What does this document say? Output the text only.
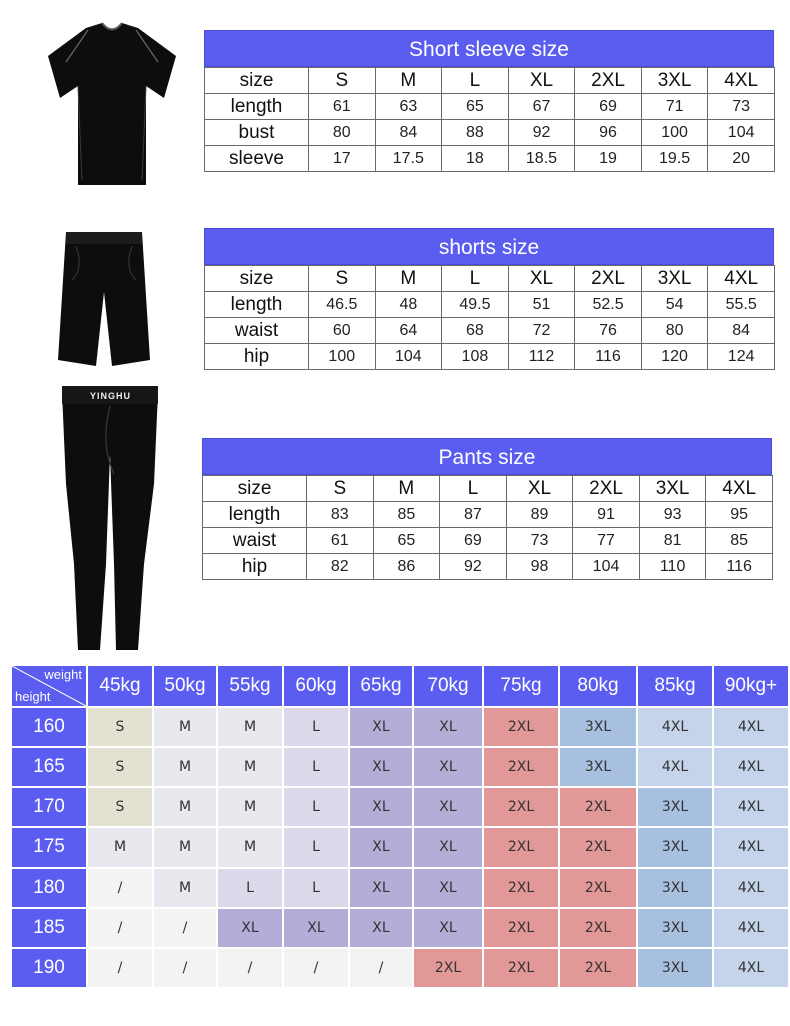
YINGHU
Short sleeve size
size	S	M	L	XL	2XL	3XL	4XL
length	61	63	65	67	69	71	73
bust	80	84	88	92	96	100	104
sleeve	17	17.5	18	18.5	19	19.5	20
shorts size
size	S	M	L	XL	2XL	3XL	4XL
length	46.5	48	49.5	51	52.5	54	55.5
waist	60	64	68	72	76	80	84
hip	100	104	108	112	116	120	124
Pants size
size	S	M	L	XL	2XL	3XL	4XL
length	83	85	87	89	91	93	95
waist	61	65	69	73	77	81	85
hip	82	86	92	98	104	110	116
weight
height	45kg	50kg	55kg	60kg	65kg	70kg	75kg	80kg	85kg	90kg+
160	S	M	M	L	XL	XL	2XL	3XL	4XL	4XL
165	S	M	M	L	XL	XL	2XL	3XL	4XL	4XL
170	S	M	M	L	XL	XL	2XL	2XL	3XL	4XL
175	M	M	M	L	XL	XL	2XL	2XL	3XL	4XL
180	/	M	L	L	XL	XL	2XL	2XL	3XL	4XL
185	/	/	XL	XL	XL	XL	2XL	2XL	3XL	4XL
190	/	/	/	/	/	2XL	2XL	2XL	3XL	4XL
